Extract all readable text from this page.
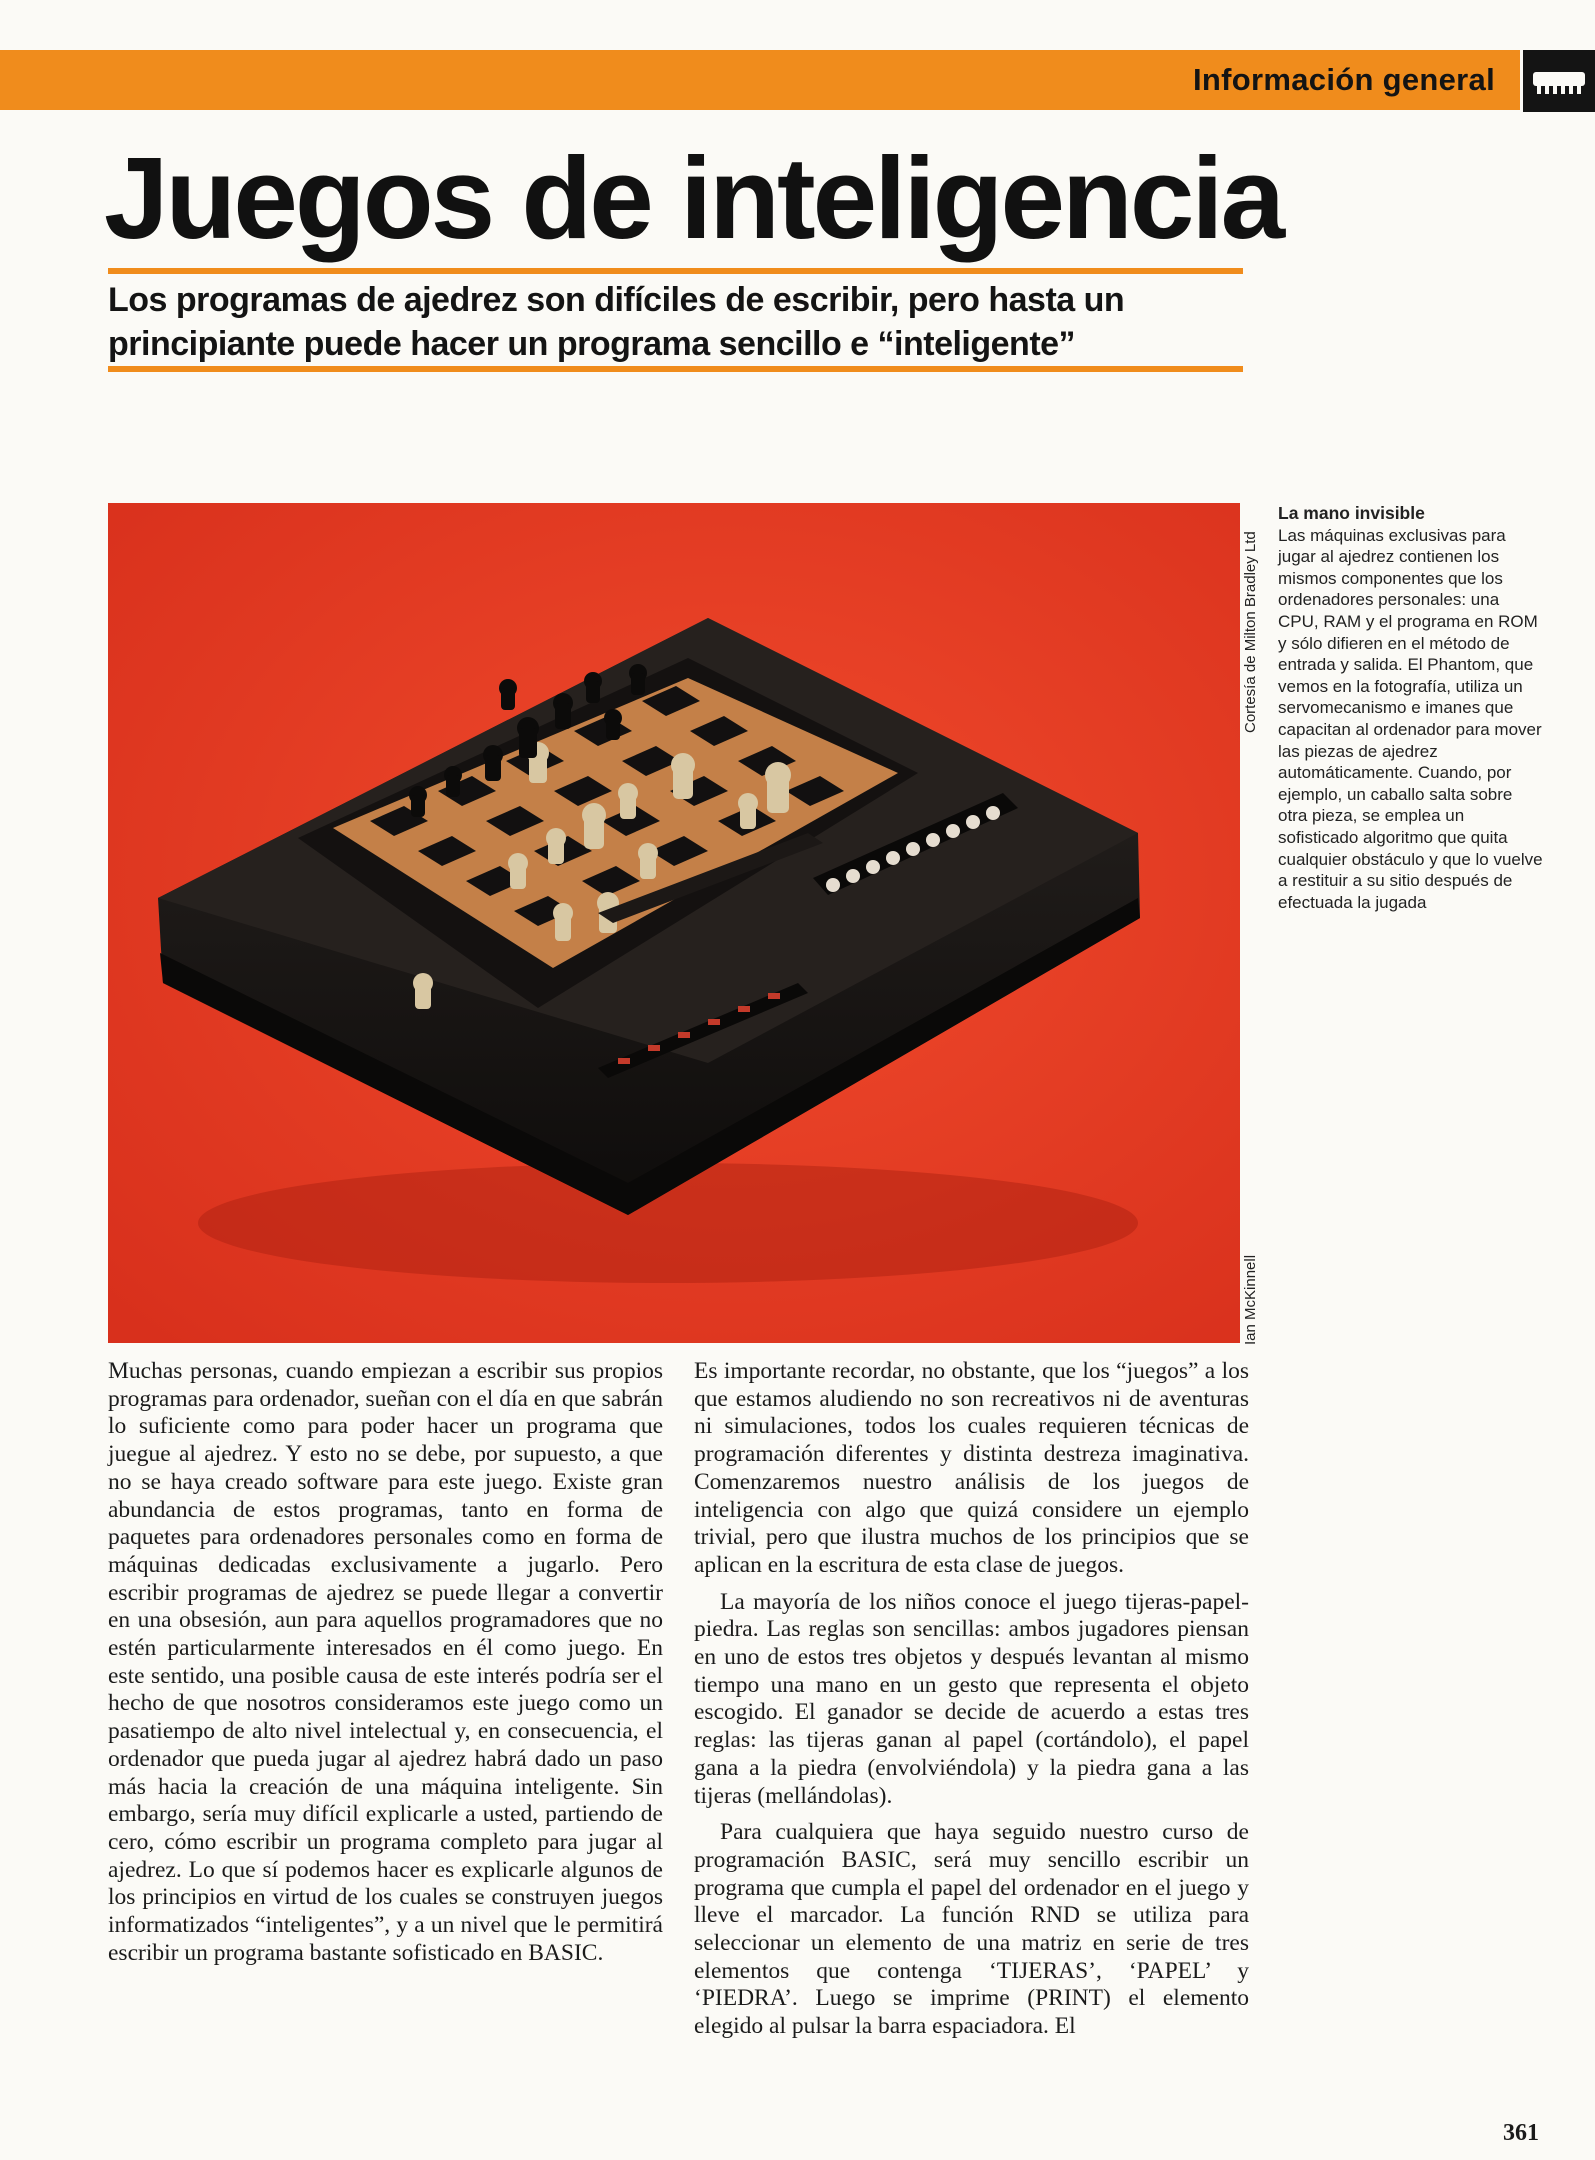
Información general
Juegos de inteligencia

Los programas de ajedrez son difíciles de escribir, pero hasta un principiante puede hacer un programa sencillo e “inteligente”

Cortesía de Milton Bradley Ltd
Ian McKinnell
La mano invisible
Las máquinas exclusivas para jugar al ajedrez contienen los mismos componentes que los ordenadores personales: una CPU, RAM y el programa en ROM y sólo difieren en el método de entrada y salida. El Phantom, que vemos en la fotografía, utiliza un servomecanismo e imanes que capacitan al ordenador para mover las piezas de ajedrez automáticamente. Cuando, por ejemplo, un caballo salta sobre otra pieza, se emplea un sofisticado algoritmo que quita cualquier obstáculo y que lo vuelve a restituir a su sitio después de efectuada la jugada

Muchas personas, cuando empiezan a escribir sus propios programas para ordenador, sueñan con el día en que sabrán lo suficiente como para poder hacer un programa que juegue al ajedrez. Y esto no se debe, por supuesto, a que no se haya creado software para este juego. Existe gran abundancia de estos programas, tanto en forma de paquetes para ordenadores personales como en forma de máquinas dedicadas exclusivamente a jugarlo. Pero escribir programas de ajedrez se puede llegar a convertir en una obsesión, aun para aquellos programadores que no estén particularmente interesados en él como juego. En este sentido, una posible causa de este interés podría ser el hecho de que nosotros consideramos este juego como un pasatiempo de alto nivel intelectual y, en consecuencia, el ordenador que pueda jugar al ajedrez habrá dado un paso más hacia la creación de una máquina inteligente. Sin embargo, sería muy difícil explicarle a usted, partiendo de cero, cómo escribir un programa completo para jugar al ajedrez. Lo que sí podemos hacer es explicarle algunos de los principios en virtud de los cuales se construyen juegos informatizados “inteligentes”, y a un nivel que le permitirá escribir un programa bastante sofisticado en BASIC.

Es importante recordar, no obstante, que los “juegos” a los que estamos aludiendo no son recreativos ni de aventuras ni simulaciones, todos los cuales requieren técnicas de programación diferentes y distinta destreza imaginativa. Comenzaremos nuestro análisis de los juegos de inteligencia con algo que quizá considere un ejemplo trivial, pero que ilustra muchos de los principios que se aplican en la escritura de esta clase de juegos.

La mayoría de los niños conoce el juego tijeras-papel-piedra. Las reglas son sencillas: ambos jugadores piensan en uno de estos tres objetos y después levantan al mismo tiempo una mano en un gesto que representa el objeto escogido. El ganador se decide de acuerdo a estas tres reglas: las tijeras ganan al papel (cortándolo), el papel gana a la piedra (envolviéndola) y la piedra gana a las tijeras (mellándolas).

Para cualquiera que haya seguido nuestro curso de programación BASIC, será muy sencillo escribir un programa que cumpla el papel del ordenador en el juego y lleve el marcador. La función RND se utiliza para seleccionar un elemento de una matriz en serie de tres elementos que contenga ‘TIJERAS’, ‘PAPEL’ y ‘PIEDRA’. Luego se imprime (PRINT) el elemento elegido al pulsar la barra espaciadora. El

361
